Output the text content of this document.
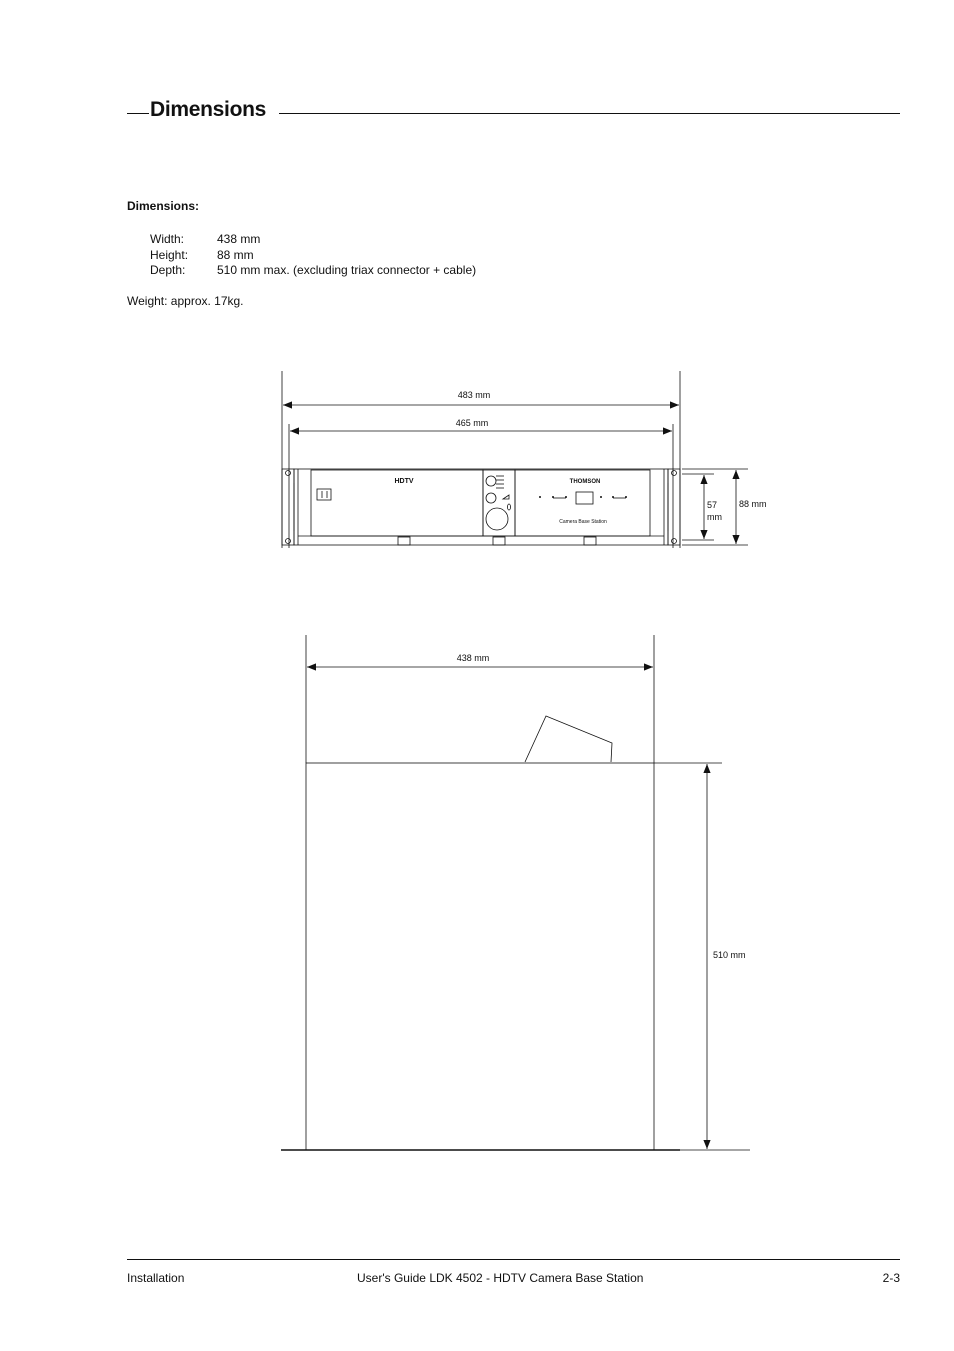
Dimensions
Dimensions:
Width:	438 mm
Height: 88 mm
Depth:	510 mm max. (excluding triax connector + cable)
Weight: approx. 17kg.
483 mm
465 mm
57
mm
88 mm
HDTV	THOMSON
Camera Base Station
438 mm
510 mm
Installation	User's Guide LDK 4502 - HDTV Camera Base Station	2-3
